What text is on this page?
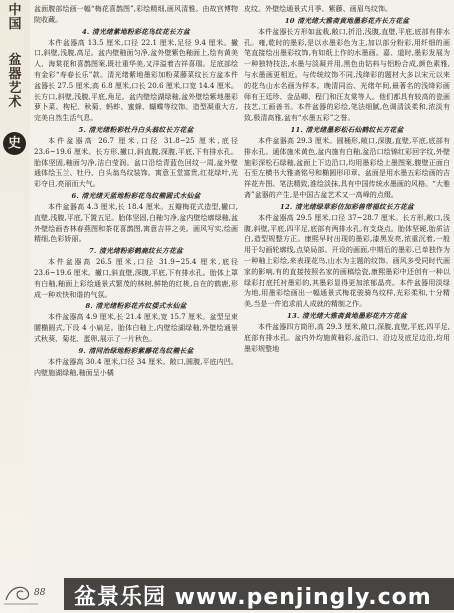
中
国
盆
器
艺
术
史
88

盆面腹部绘画一幅“梅花喜鹊图”,彩绘精细,画风清雅。由故宫博物院收藏。

4. 清光绪紫地粉彩花鸟纹花长方盆

本件盆器高 13.5 厘米,口径 22.1 厘米,足径 9.4 厘米。撇口,斜壁,浅腹,高足。盆内壁釉面匀净,盆外壁紫色釉面上,绘有黄美人、海棠花和喜鹊图案,既壮重华美,又洋溢着吉祥喜瑞。足底部绘有金彩“寿春长乐”款。清光绪紫地墨彩加粉菜藤菜纹长方盆本件盆器长 27.5 厘米,高 6.8 厘米,口长 20.6 厘米,口宽 14.4 厘米。长方口,斜壁,浅腹,平底,角足。盆内壁绘湖绿釉,盆外壁绘紫地墨彩萝卜菜、枸杞、秋菊、蚂蚱、蜜蜂、蝴蝶等纹饰。造型凝重大方,完美自然生活气息。

5. 清光绪粉彩牡丹白头翁纹长方花盆

本件盆器高 26.7 厘米,口径 31.8~25 厘米,底径 23.6~19.6 厘米。长方形,撇口,斜直腹,深腹,平底,下有排水孔。胎体坚固,釉面匀净,洁白莹润。盆口沿绘青蓝色回纹一周,盆外壁通体绘玉兰、牡丹、白头翁鸟纹装饰。寓意玉堂富贵,红花绿叶,光彩夺目,亮丽而大气。

6. 清光绪天蓝地粉彩花鸟纹椭圆式水仙盆

本件盆器高 4.3 厘米,长 18.4 厘米。五瓣梅花式造型,撇口,直壁,浅腹,平底,下置五足。胎体坚固,白釉匀净,盆内壁绘廓绿釉,盆外壁绘画杏林春燕图和茶花喜鹊图,寓意吉祥之美。画风写实,绘画精细,色彩娇丽。

7. 清光绪粉彩鹤鹿纹长方花盆

本件盆器高 26.5 厘米,口径 31.9~25.4 厘米,底径 23.6~19.6 厘米。撇口,斜直壁,深腹,平底,下有排水孔。胎体上罩有白釉,釉面上彩绘通景式繁茂的林树,鲜艳的红桃,自在的鹤鹿,形成一种欢快和谐的气氛。

8. 清光绪粉彩花卉纹倭式水仙盆

本件盆器高 4.9 厘米,长 21.4 厘米,宽 15.7 厘米。盆型呈束腰椭圆式,下设 4 小扁足。胎体白釉上,内壁绘湖绿釉,外壁绘通景式秋葵、菊花、蛋卵,展示了一片秋色。

9. 清同治绿地粉彩紫藤花鸟纹椭长盆

本件盆器高 30.4 厘米,口径 34 厘米。敞口,圆腹,平底内凹。内壁施湖绿釉,釉面呈小橘

皮纹。外壁绘通景式月季、紫藤、画眉鸟纹饰。

10 清光绪大雅斋黄地墨彩花卉长方花盆

本件盆器长方形如盆栽,敞口,折沿,浅腹,直壁,平底,底部有排水孔。雍,乾时的墨彩,是以水墨彩色为主,加以部分粉彩,用纤细的画笔直接绘出墨彩纹饰,有如纸上作的水墨画。嘉、道时,墨彩发展为一种独特技法,水墨与淡凝并用,黑色由钴料与铝粉合成,颜色素雅,与水墨画更相近。与传统纹饰不同,浅绛彩的题材大多以宋元以来的花鸟山水名画为样本。晚清同治、光绪年间,最著名的浅绛彩画师有王廷珍、金品卿、程门和汪友棠等人。他们都具有较高的瓷画技艺,工画善书。本件盆器的彩绘,笔法细腻,色调清淡柔和,浓淡有致,极清高雅,盆有“水墨五彩”之誉。

11. 清光绪墨彩松石仙鹤纹长方花盆

本件盆器高 29.3 厘米。圆桶形,敞口,深腹,直壁,平底,底部有排水孔。通体施米黄色,盆内施有白釉,盆沿口绘锦红彩回字纹,外壁施彩深松石绿釉,盆面上下边沿口,均用墨彩绘上墨图案,腹壁正面白石至左横书大雅斋铭号和椭圆形印章。盆面是用水墨五彩绘画的吉祥花卉图。笔法精致,淮绘淡抹,具有中国传统水墨画的风格。“大雅斋”盆器的产生,是中国古盆艺术又一高峰的点缀。

12. 清光绪绿草彩仿加彩兽带福纹长方花盆

本件盆器高 29.5 厘米,口径 37~28.7 厘米。长方形,敞口,浅腹,斜壁,平底,四平足,底部有两排水孔,有支烧点。胎体坚硬,胎质洁白,造型规整方正。康熙早时出现的墨彩,漆黑发亮,浓重沉着,一般用于勾画轮廓线,点染局部。开设的画面,中期后的墨彩,已单独作为一种釉上彩绘,来表现花鸟,山水为主题的纹饰。画风多受同时代画家的影响,有的直接按照名家的画稿绘瓷,康熙墨彩中还创有一种以绿彩打底托衬墨彩的,其墨彩显得更加浓郁晶亮。本件盆器用淡绿为地,用墨彩绘画出一幅通景式梅花骏骑鸟纹样,光彩柔和,十分精美,当是一件追求前人成就的精制之作。

13. 清光绪大雅斋黄地墨彩花卉方花盆

本件盆器四方筒形,高 29.3 厘米,敞口,深腹,直壁,平底,四平足,底部有排水孔。盆内外均施黄釉彩,盆沿口、沿边及底足边沿,均用墨彩规整地

盆景乐园 www.penjingly.com
